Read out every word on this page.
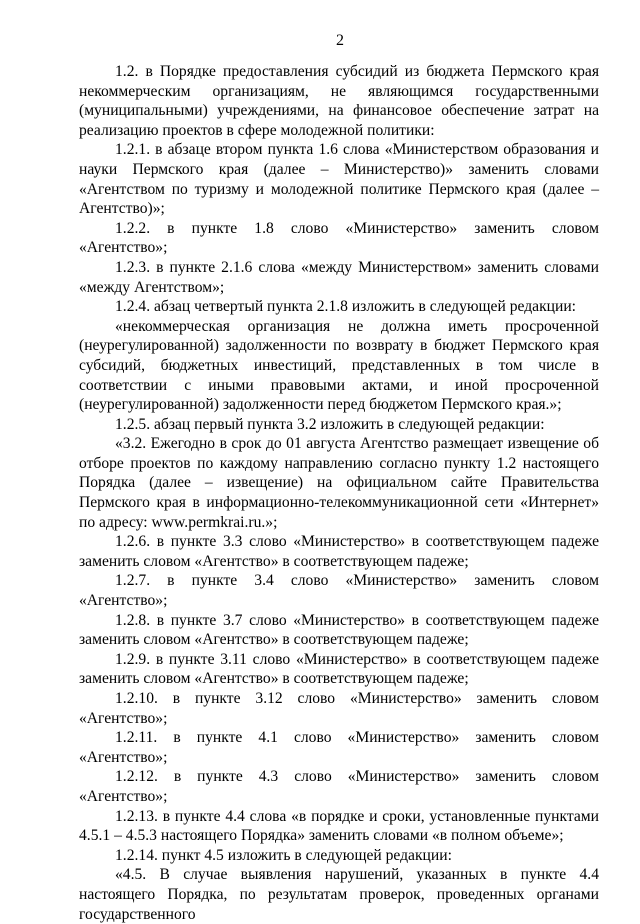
2

1.2. в Порядке предоставления субсидий из бюджета Пермского края некоммерческим организациям, не являющимся государственными (муниципальными) учреждениями, на финансовое обеспечение затрат на реализацию проектов в сфере молодежной политики:

1.2.1. в абзаце втором пункта 1.6 слова «Министерством образования и науки Пермского края (далее – Министерство)» заменить словами «Агентством по туризму и молодежной политике Пермского края (далее – Агентство)»;

1.2.2. в пункте 1.8 слово «Министерство» заменить словом «Агентство»;

1.2.3. в пункте 2.1.6 слова «между Министерством» заменить словами «между Агентством»;

1.2.4. абзац четвертый пункта 2.1.8 изложить в следующей редакции:

«некоммерческая организация не должна иметь просроченной (неурегулированной) задолженности по возврату в бюджет Пермского края субсидий, бюджетных инвестиций, представленных в том числе в соответствии с иными правовыми актами, и иной просроченной (неурегулированной) задолженности перед бюджетом Пермского края.»;

1.2.5. абзац первый пункта 3.2 изложить в следующей редакции:

«3.2. Ежегодно в срок до 01 августа Агентство размещает извещение об отборе проектов по каждому направлению согласно пункту 1.2 настоящего Порядка (далее – извещение) на официальном сайте Правительства Пермского края в информационно-телекоммуникационной сети «Интернет» по адресу: www.permkrai.ru.»;

1.2.6. в пункте 3.3 слово «Министерство» в соответствующем падеже заменить словом «Агентство» в соответствующем падеже;

1.2.7. в пункте 3.4 слово «Министерство» заменить словом «Агентство»;

1.2.8. в пункте 3.7 слово «Министерство» в соответствующем падеже заменить словом «Агентство» в соответствующем падеже;

1.2.9. в пункте 3.11 слово «Министерство» в соответствующем падеже заменить словом «Агентство» в соответствующем падеже;

1.2.10. в пункте 3.12 слово «Министерство» заменить словом «Агентство»;

1.2.11. в пункте 4.1 слово «Министерство» заменить словом «Агентство»;

1.2.12. в пункте 4.3 слово «Министерство» заменить словом «Агентство»;

1.2.13. в пункте 4.4 слова «в порядке и сроки, установленные пунктами 4.5.1 – 4.5.3 настоящего Порядка» заменить словами «в полном объеме»;

1.2.14. пункт 4.5 изложить в следующей редакции:

«4.5. В случае выявления нарушений, указанных в пункте 4.4 настоящего Порядка, по результатам проверок, проведенных органами государственного
